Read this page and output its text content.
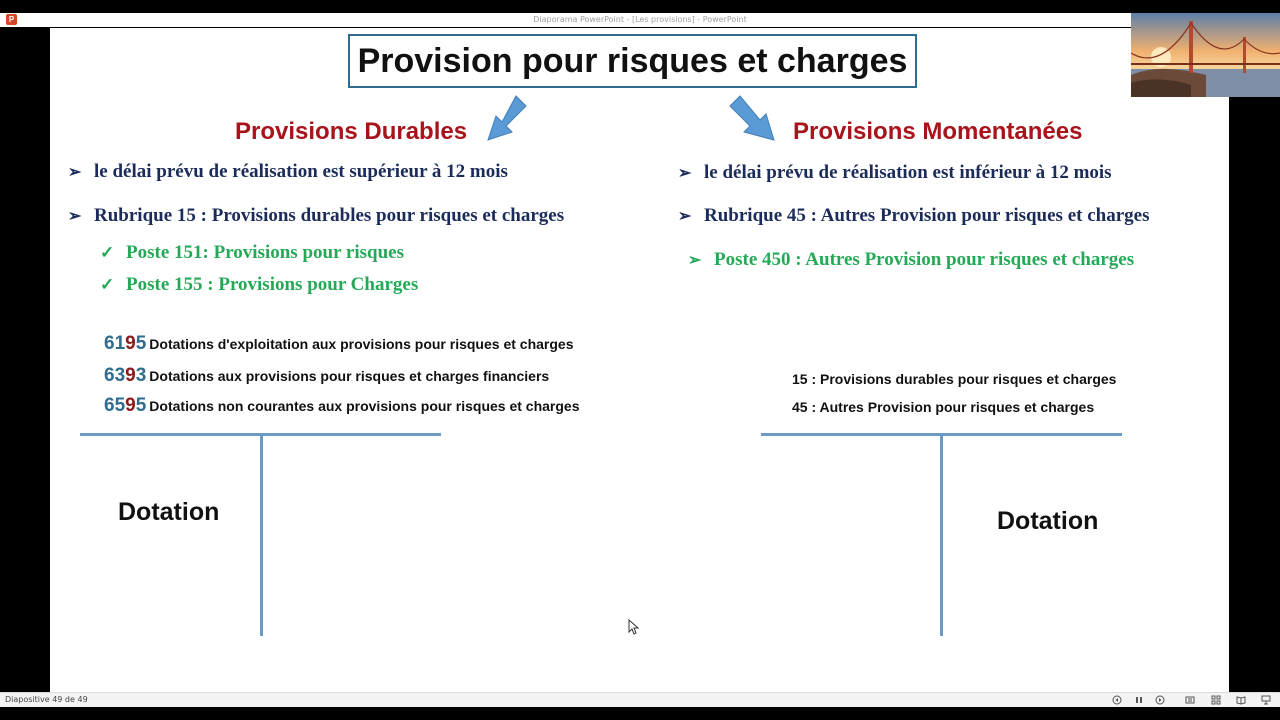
P	Diaporama PowerPoint - [Les provisions] - PowerPoint
Provision pour risques et charges
Provisions Durables
➢ le délai prévu de réalisation est supérieur à 12 mois
➢ Rubrique 15 : Provisions durables pour risques et charges
✓ Poste 151: Provisions pour risques
✓ Poste 155 : Provisions pour Charges
6195 Dotations d'exploitation aux provisions pour risques et charges
6393 Dotations aux provisions pour risques et charges financiers
6595 Dotations non courantes aux provisions pour risques et charges
Dotation
Provisions Momentanées
➢ le délai prévu de réalisation est inférieur à 12 mois
➢ Rubrique 45 : Autres Provision pour risques et charges
➢ Poste 450 : Autres Provision pour risques et charges
15 : Provisions durables pour risques et charges
45 : Autres Provision pour risques et charges
Dotation
Diapositive 49 de 49
